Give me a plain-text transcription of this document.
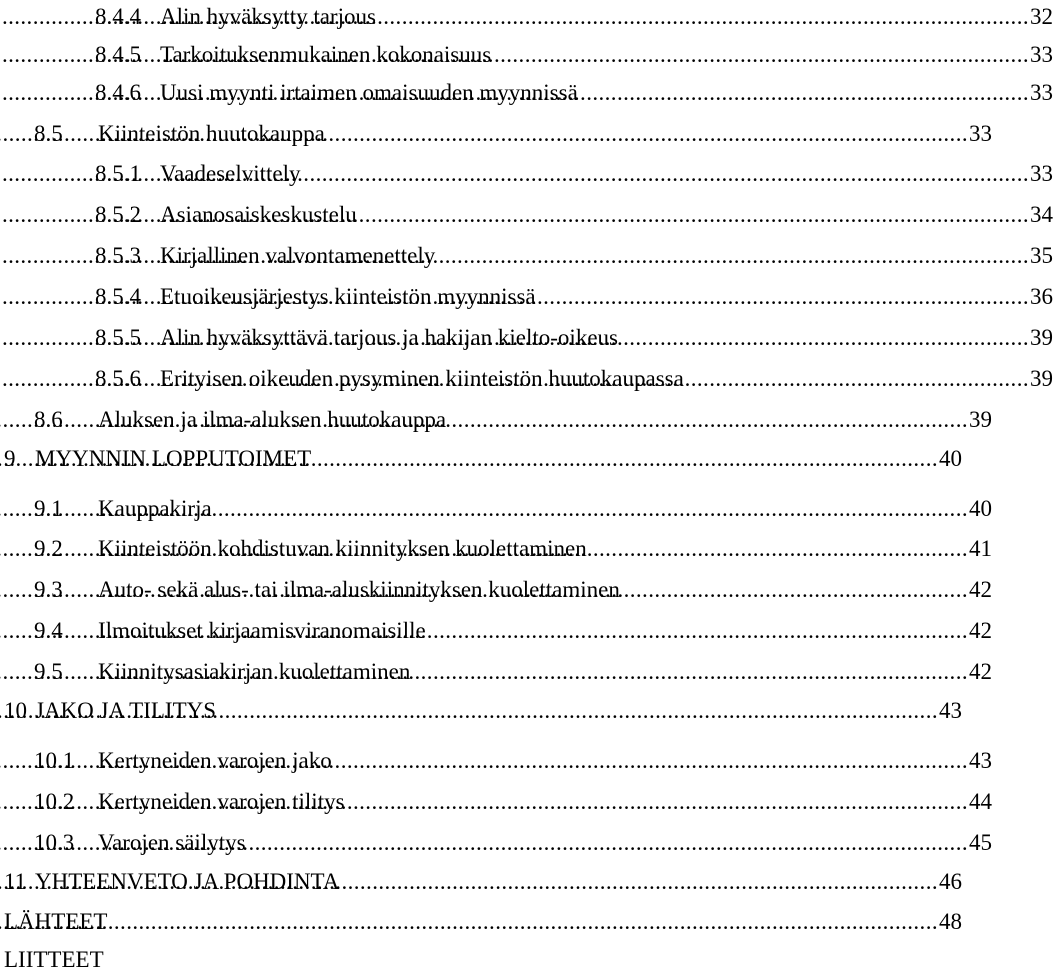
8.4.4 Alin hyväksytty tarjous .....	32
8.4.5 Tarkoituksenmukainen kokonaisuus .....	33
8.4.6 Uusi myynti irtaimen omaisuuden myynnissä .....	33
8.5	Kiinteistön huutokauppa .....	33
8.5.1 Vaadeselvittely .....	33
8.5.2 Asianosaiskeskustelu .....	34
8.5.3 Kirjallinen valvontamenettely .....	35
8.5.4 Etuoikeusjärjestys kiinteistön myynnissä .....	36
8.5.5 Alin hyväksyttävä tarjous ja hakijan kielto-oikeus .....	39
8.5.6 Erityisen oikeuden pysyminen kiinteistön huutokaupassa .....	39
8.6	Aluksen ja ilma-aluksen huutokauppa .....	39
9 MYYNNIN LOPPUTOIMET .....	40
9.1	Kauppakirja .....	40
9.2	Kiinteistöön kohdistuvan kiinnityksen kuolettaminen .....	41
9.3	Auto- sekä alus- tai ilma-aluskiinnityksen kuolettaminen .....	42
9.4	Ilmoitukset kirjaamisviranomaisille .....	42
9.5	Kiinnitysasiakirjan kuolettaminen .....	42
10 JAKO JA TILITYS .....	43
10.1	Kertyneiden varojen jako .....	43
10.2	Kertyneiden varojen tilitys .....	44
10.3	Varojen säilytys .....	45
11 YHTEENVETO JA POHDINTA .....	46
LÄHTEET .....	48
LIITTEET
